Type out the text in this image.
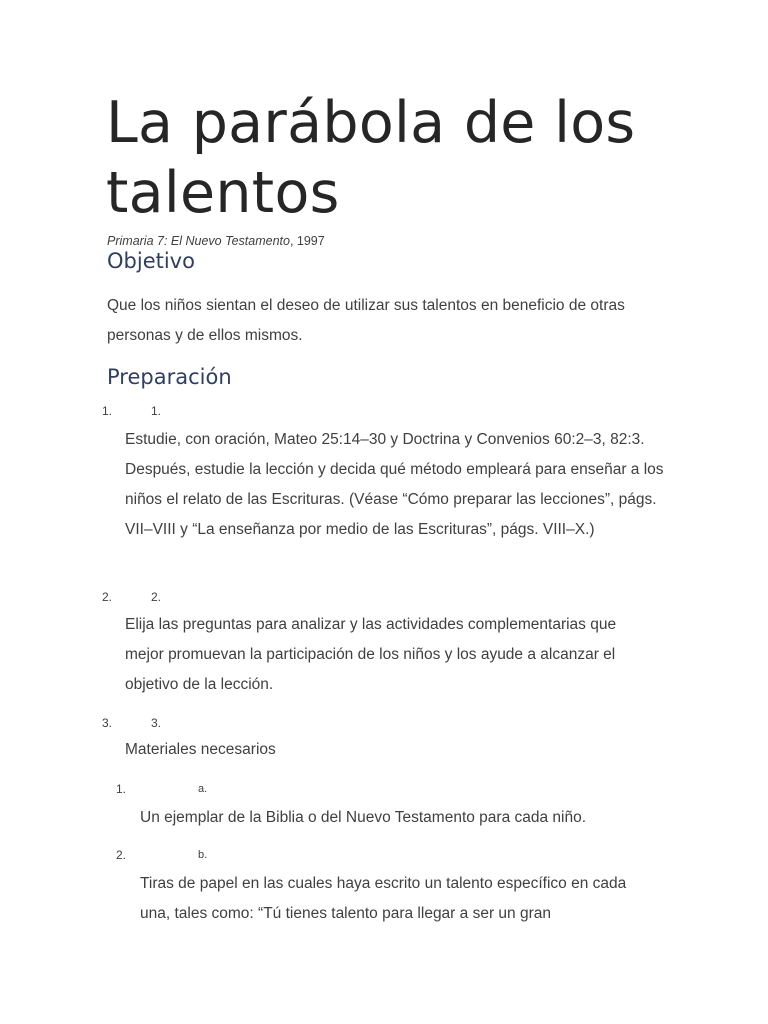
La parábola de los talentos
Primaria 7: El Nuevo Testamento, 1997
Objetivo

Que los niños sientan el deseo de utilizar sus talentos en beneficio de otras personas y de ellos mismos.

Preparación
1.	1.

Estudie, con oración, Mateo 25:14–30 y Doctrina y Convenios 60:2–3, 82:3. Después, estudie la lección y decida qué método empleará para enseñar a los niños el relato de las Escrituras. (Véase “Cómo preparar las lecciones”, págs. VII–VIII y “La enseñanza por medio de las Escrituras”, págs. VIII–X.)

2.	2.

Elija las preguntas para analizar y las actividades complementarias que mejor promuevan la participación de los niños y los ayude a alcanzar el objetivo de la lección.

3.	3.

Materiales necesarios

1.	a.

Un ejemplar de la Biblia o del Nuevo Testamento para cada niño.

2.	b.

Tiras de papel en las cuales haya escrito un talento específico en cada una, tales como: “Tú tienes talento para llegar a ser un gran
